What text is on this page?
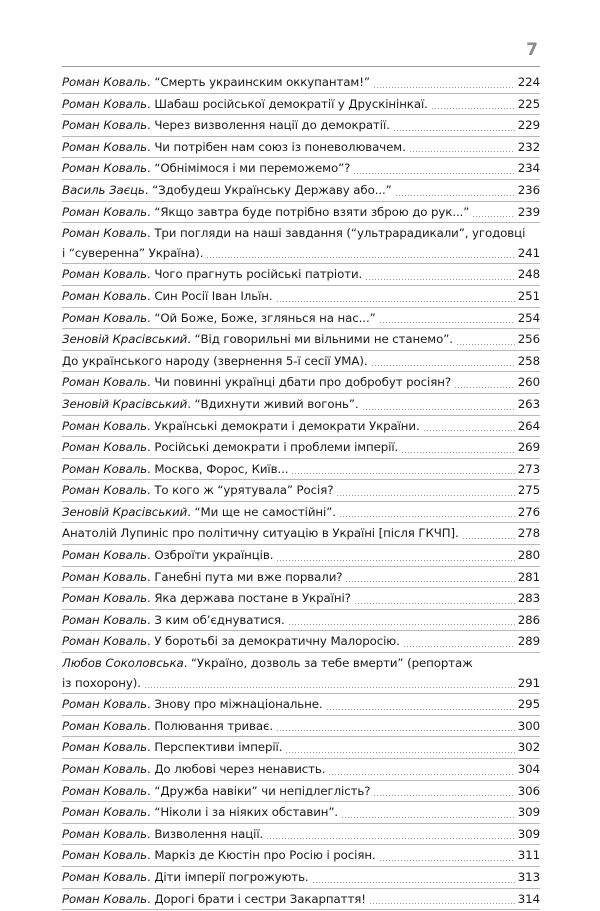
7
Роман Коваль. “Смерть украинским оккупантам!”	224
Роман Коваль. Шабаш російської демократії у Друскінінкаї.	225
Роман Коваль. Через визволення нації до демократії.	229
Роман Коваль. Чи потрібен нам союз із поневолювачем.	232
Роман Коваль. “Обнімімося і ми переможемо”?	234
Василь Заєць. “Здобудеш Українську Державу або...”	236
Роман Коваль. “Якщо завтра буде потрібно взяти зброю до рук...”	239
Роман Коваль. Три погляди на наші завдання (“ультрарадикали”, угодовці
і “суверенна” Україна).	241
Роман Коваль. Чого прагнуть російські патріоти.	248
Роман Коваль. Син Росії Іван Ільїн.	251
Роман Коваль. “Ой Боже, Боже, зглянься на нас...”	254
Зеновій Красівський. “Від говорильні ми вільними не станемо”.	256
До українського народу (звернення 5-ї сесії УМА).	258
Роман Коваль. Чи повинні українці дбати про добробут росіян?	260
Зеновій Красівський. “Вдихнути живий вогонь”.	263
Роман Коваль. Українські демократи і демократи України.	264
Роман Коваль. Російські демократи і проблеми імперії.	269
Роман Коваль. Москва, Форос, Київ...	273
Роман Коваль. То кого ж “урятувала” Росія?	275
Зеновій Красівський. “Ми ще не самостійні”.	276
Анатолій Лупиніс про політичну ситуацію в Україні [після ГКЧП].	278
Роман Коваль. Озброїти українців.	280
Роман Коваль. Ганебні пута ми вже порвали?	281
Роман Коваль. Яка держава постане в Україні?	283
Роман Коваль. З ким об’єднуватися.	286
Роман Коваль. У боротьбі за демократичну Малоросію.	289
Любов Соколовська. “Україно, дозволь за тебе вмерти” (репортаж
із похорону).	291
Роман Коваль. Знову про міжнаціональне.	295
Роман Коваль. Полювання триває.	300
Роман Коваль. Перспективи імперії.	302
Роман Коваль. До любові через ненависть.	304
Роман Коваль. “Дружба навіки” чи непідлеглість?	306
Роман Коваль. “Ніколи і за ніяких обставин”.	309
Роман Коваль. Визволення нації.	309
Роман Коваль. Маркіз де Кюстін про Росію і росіян.	311
Роман Коваль. Діти імперії погрожують.	313
Роман Коваль. Дорогі брати і сестри Закарпаття!	314
